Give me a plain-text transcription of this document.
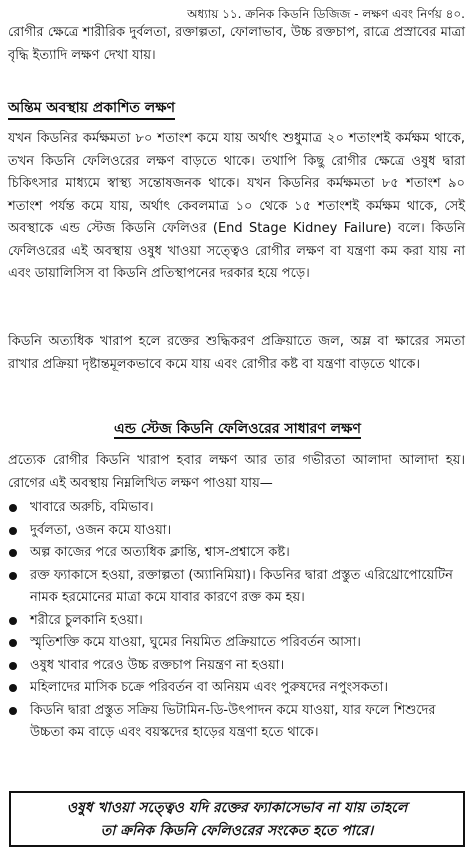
অধ্যায় ১১. ক্রনিক কিডনি ডিজিজ - লক্ষণ এবং নির্ণয় ৪০.

রোগীর ক্ষেত্রে শারীরিক দুর্বলতা, রক্তাল্পতা, ফোলাভাব, উচ্চ রক্তচাপ, রাত্রে প্রস্রাবের মাত্রা বৃদ্ধি ইত্যাদি লক্ষণ দেখা যায়।

অন্তিম অবস্থায় প্রকাশিত লক্ষণ

যখন কিডনির কর্মক্ষমতা ৮০ শতাংশ কমে যায় অর্থাৎ শুধুমাত্র ২০ শতাংশই কর্মক্ষম থাকে, তখন কিডনি ফেলিওরের লক্ষণ বাড়তে থাকে। তথাপি কিছু রোগীর ক্ষেত্রে ওষুধ দ্বারা চিকিৎসার মাধ্যমে স্বাস্থ্য সন্তোষজনক থাকে। যখন কিডনির কর্মক্ষমতা ৮৫ শতাংশ ৯০ শতাংশ পর্যন্ত কমে যায়, অর্থাৎ কেবলমাত্র ১০ থেকে ১৫ শতাংশই কর্মক্ষম থাকে, সেই অবস্থাকে এন্ড স্টেজ কিডনি ফেলিওর (End Stage Kidney Failure) বলে। কিডনি ফেলিওরের এই অবস্থায় ওষুধ খাওয়া সত্ত্বেও রোগীর লক্ষণ বা যন্ত্রণা কম করা যায় না এবং ডায়ালিসিস বা কিডনি প্রতিস্থাপনের দরকার হয়ে পড়ে।

কিডনি অত্যধিক খারাপ হলে রক্তের শুদ্ধিকরণ প্রক্রিয়াতে জল, অম্ল বা ক্ষারের সমতা রাখার প্রক্রিয়া দৃষ্টান্তমূলকভাবে কমে যায় এবং রোগীর কষ্ট বা যন্ত্রণা বাড়তে থাকে।

এন্ড স্টেজ কিডনি ফেলিওরের সাধারণ লক্ষণ

প্রত্যেক রোগীর কিডনি খারাপ হবার লক্ষণ আর তার গভীরতা আলাদা আলাদা হয়। রোগের এই অবস্থায় নিম্নলিখিত লক্ষণ পাওয়া যায়—

খাবারে অরুচি, বমিভাব।
দুর্বলতা, ওজন কমে যাওয়া।
অল্প কাজের পরে অত্যধিক ক্লান্তি, শ্বাস-প্রশ্বাসে কষ্ট।
রক্ত ফ্যাকাসে হওয়া, রক্তাল্পতা (অ্যানিমিয়া)। কিডনির দ্বারা প্রস্তুত এরিথ্রোপোয়েটিন নামক হরমোনের মাত্রা কমে যাবার কারণে রক্ত কম হয়।
শরীরে চুলকানি হওয়া।
স্মৃতিশক্তি কমে যাওয়া, ঘুমের নিয়মিত প্রক্রিয়াতে পরিবর্তন আসা।
ওষুধ খাবার পরেও উচ্চ রক্তচাপ নিয়ন্ত্রণ না হওয়া।
মহিলাদের মাসিক চক্রে পরিবর্তন বা অনিয়ম এবং পুরুষদের নপুংসকতা।
কিডনি দ্বারা প্রস্তুত সক্রিয় ভিটামিন-ডি-উৎপাদন কমে যাওয়া, যার ফলে শিশুদের উচ্চতা কম বাড়ে এবং বয়স্কদের হাড়ের যন্ত্রণা হতে থাকে।
ওষুধ খাওয়া সত্ত্বেও যদি রক্তের ফ্যাকাসেভাব না যায় তাহলে
তা ক্রনিক কিডনি ফেলিওরের সংকেত হতে পারে।
